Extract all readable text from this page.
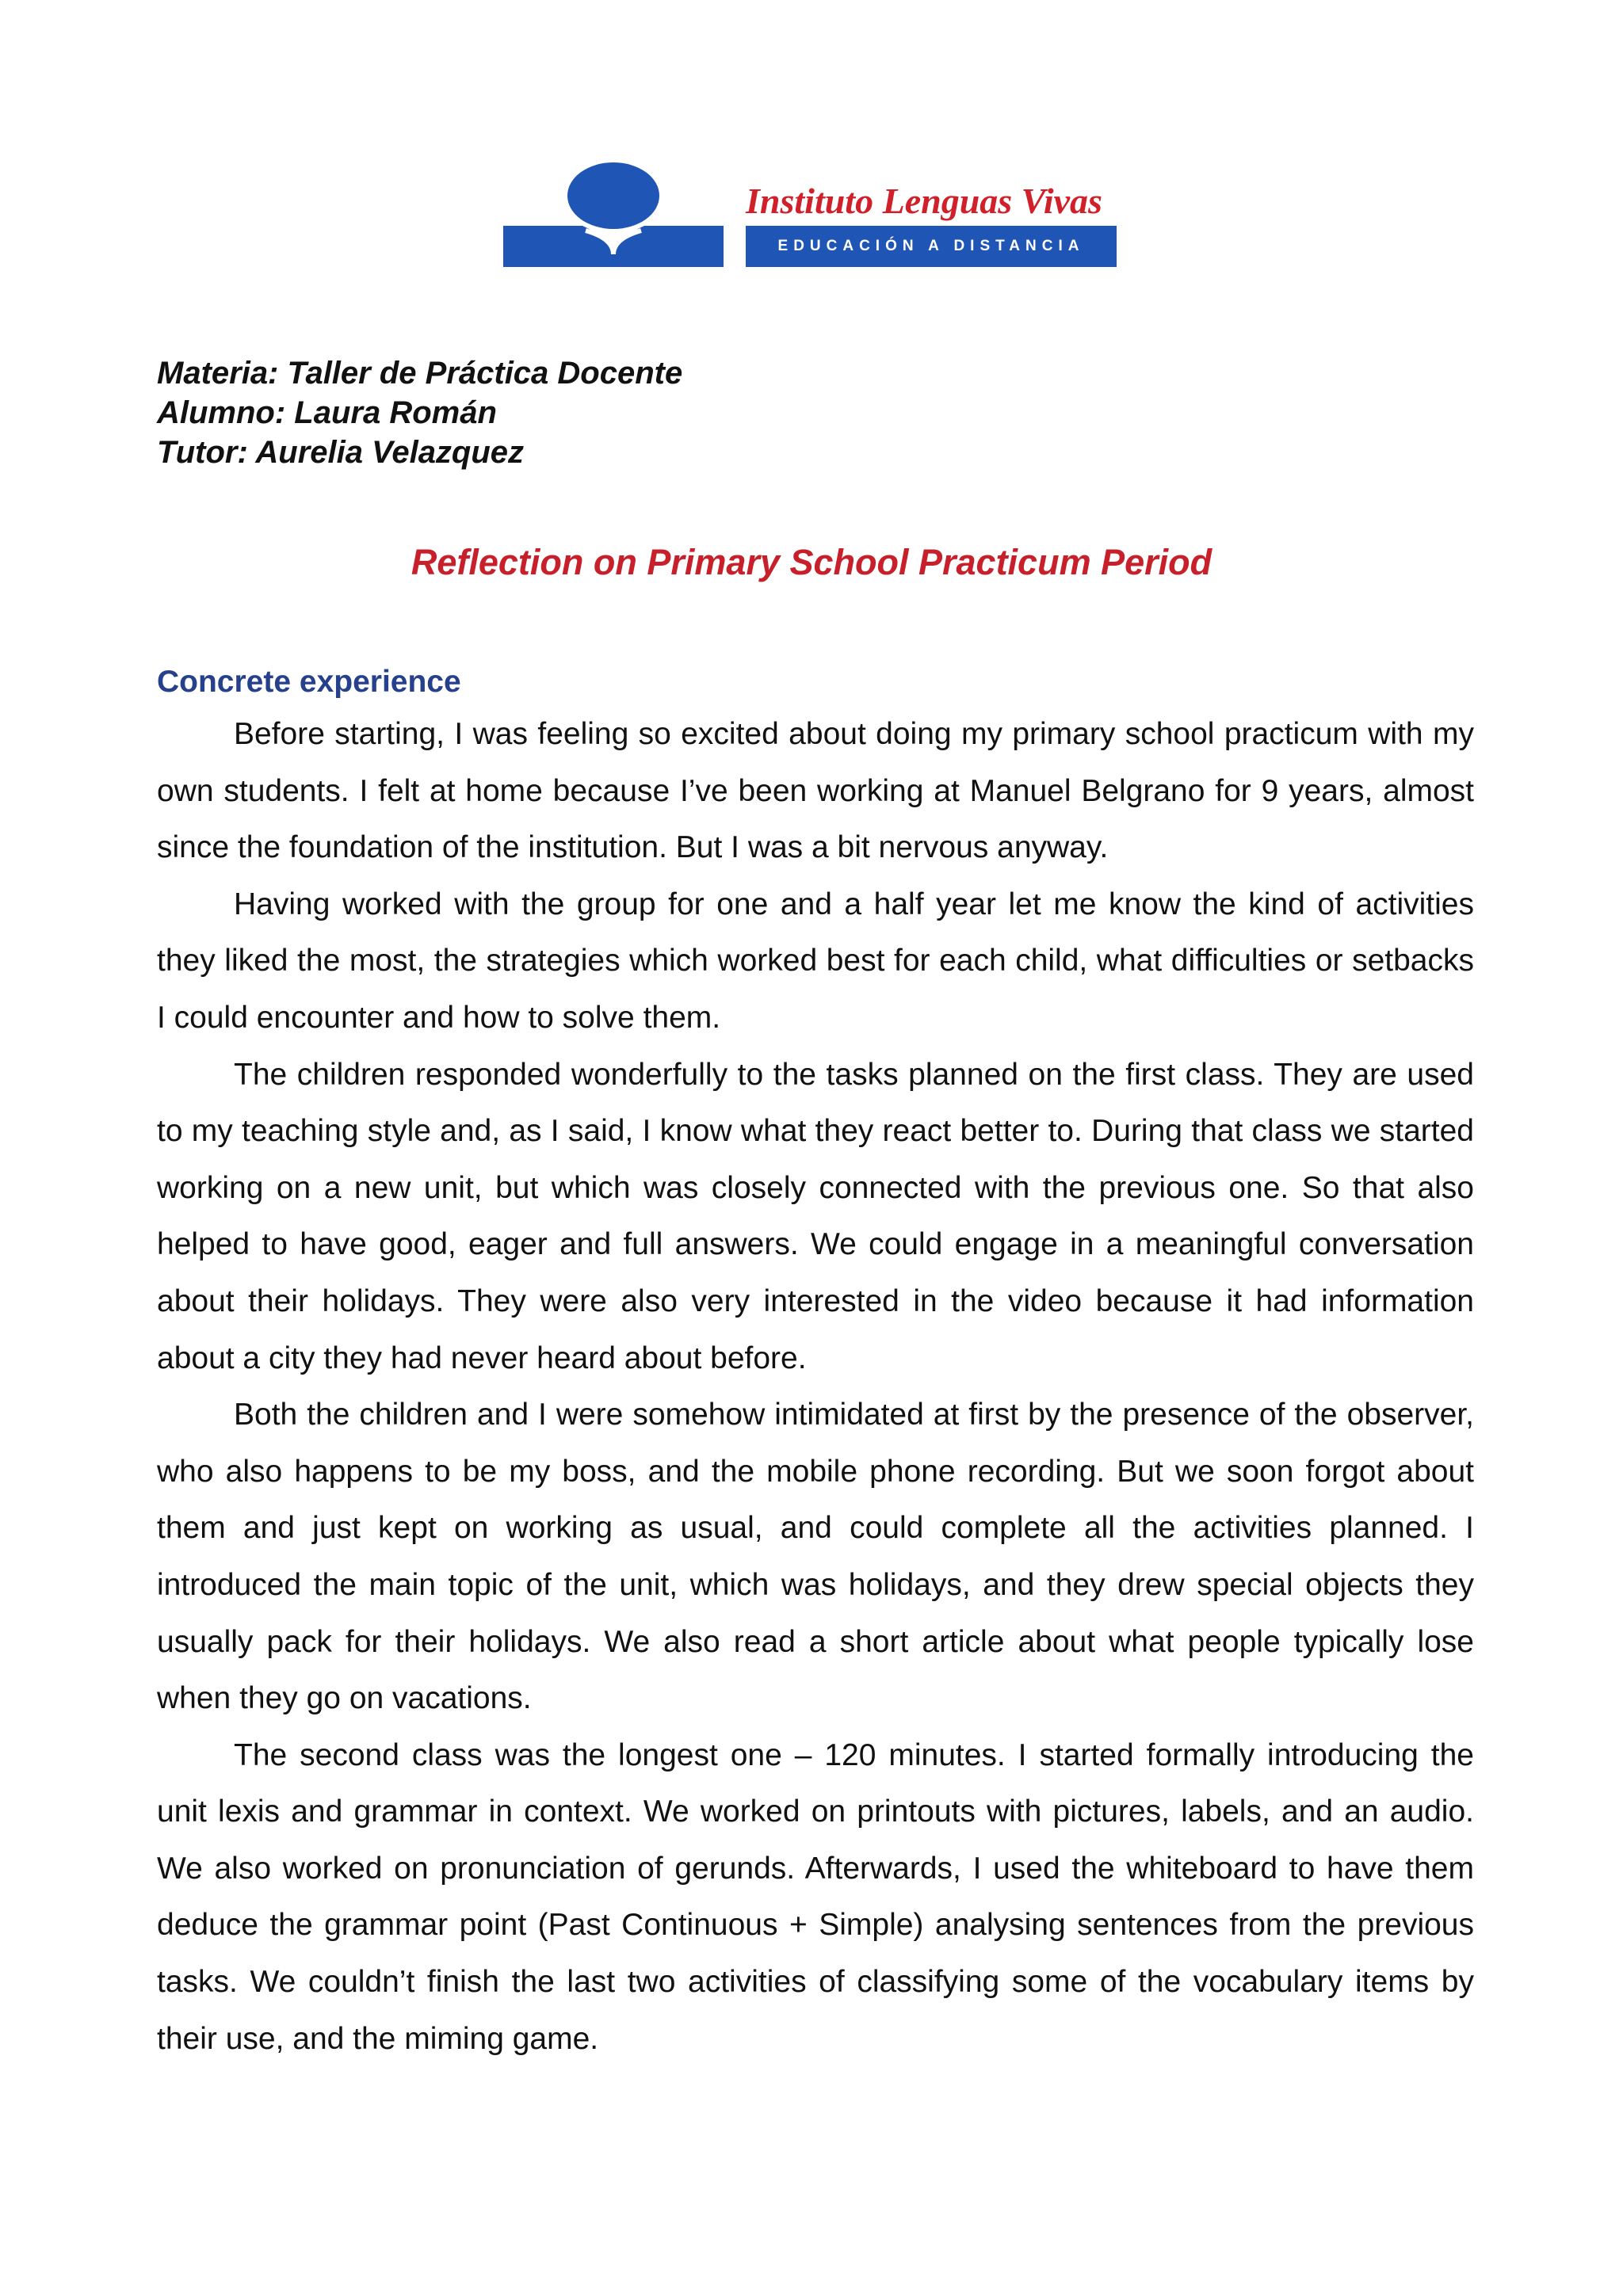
Instituto Lenguas Vivas
EDUCACIÓN A DISTANCIA
Materia: Taller de Práctica Docente
Alumno: Laura Román
Tutor: Aurelia Velazquez
Reflection on Primary School Practicum Period
Concrete experience

Before starting, I was feeling so excited about doing my primary school practicum with my own students. I felt at home because I’ve been working at Manuel Belgrano for 9 years, almost since the foundation of the institution. But I was a bit nervous anyway.

Having worked with the group for one and a half year let me know the kind of activities they liked the most, the strategies which worked best for each child, what difficulties or setbacks I could encounter and how to solve them.

The children responded wonderfully to the tasks planned on the first class. They are used to my teaching style and, as I said, I know what they react better to. During that class we started working on a new unit, but which was closely connected with the previous one. So that also helped to have good, eager and full answers. We could engage in a meaningful conversation about their holidays. They were also very interested in the video because it had information about a city they had never heard about before.

Both the children and I were somehow intimidated at first by the presence of the observer, who also happens to be my boss, and the mobile phone recording. But we soon forgot about them and just kept on working as usual, and could complete all the activities planned. I introduced the main topic of the unit, which was holidays, and they drew special objects they usually pack for their holidays. We also read a short article about what people typically lose when they go on vacations.

The second class was the longest one – 120 minutes. I started formally introducing the unit lexis and grammar in context. We worked on printouts with pictures, labels, and an audio. We also worked on pronunciation of gerunds. Afterwards, I used the whiteboard to have them deduce the grammar point (Past Continuous + Simple) analysing sentences from the previous tasks. We couldn’t finish the last two activities of classifying some of the vocabulary items by their use, and the miming game.
